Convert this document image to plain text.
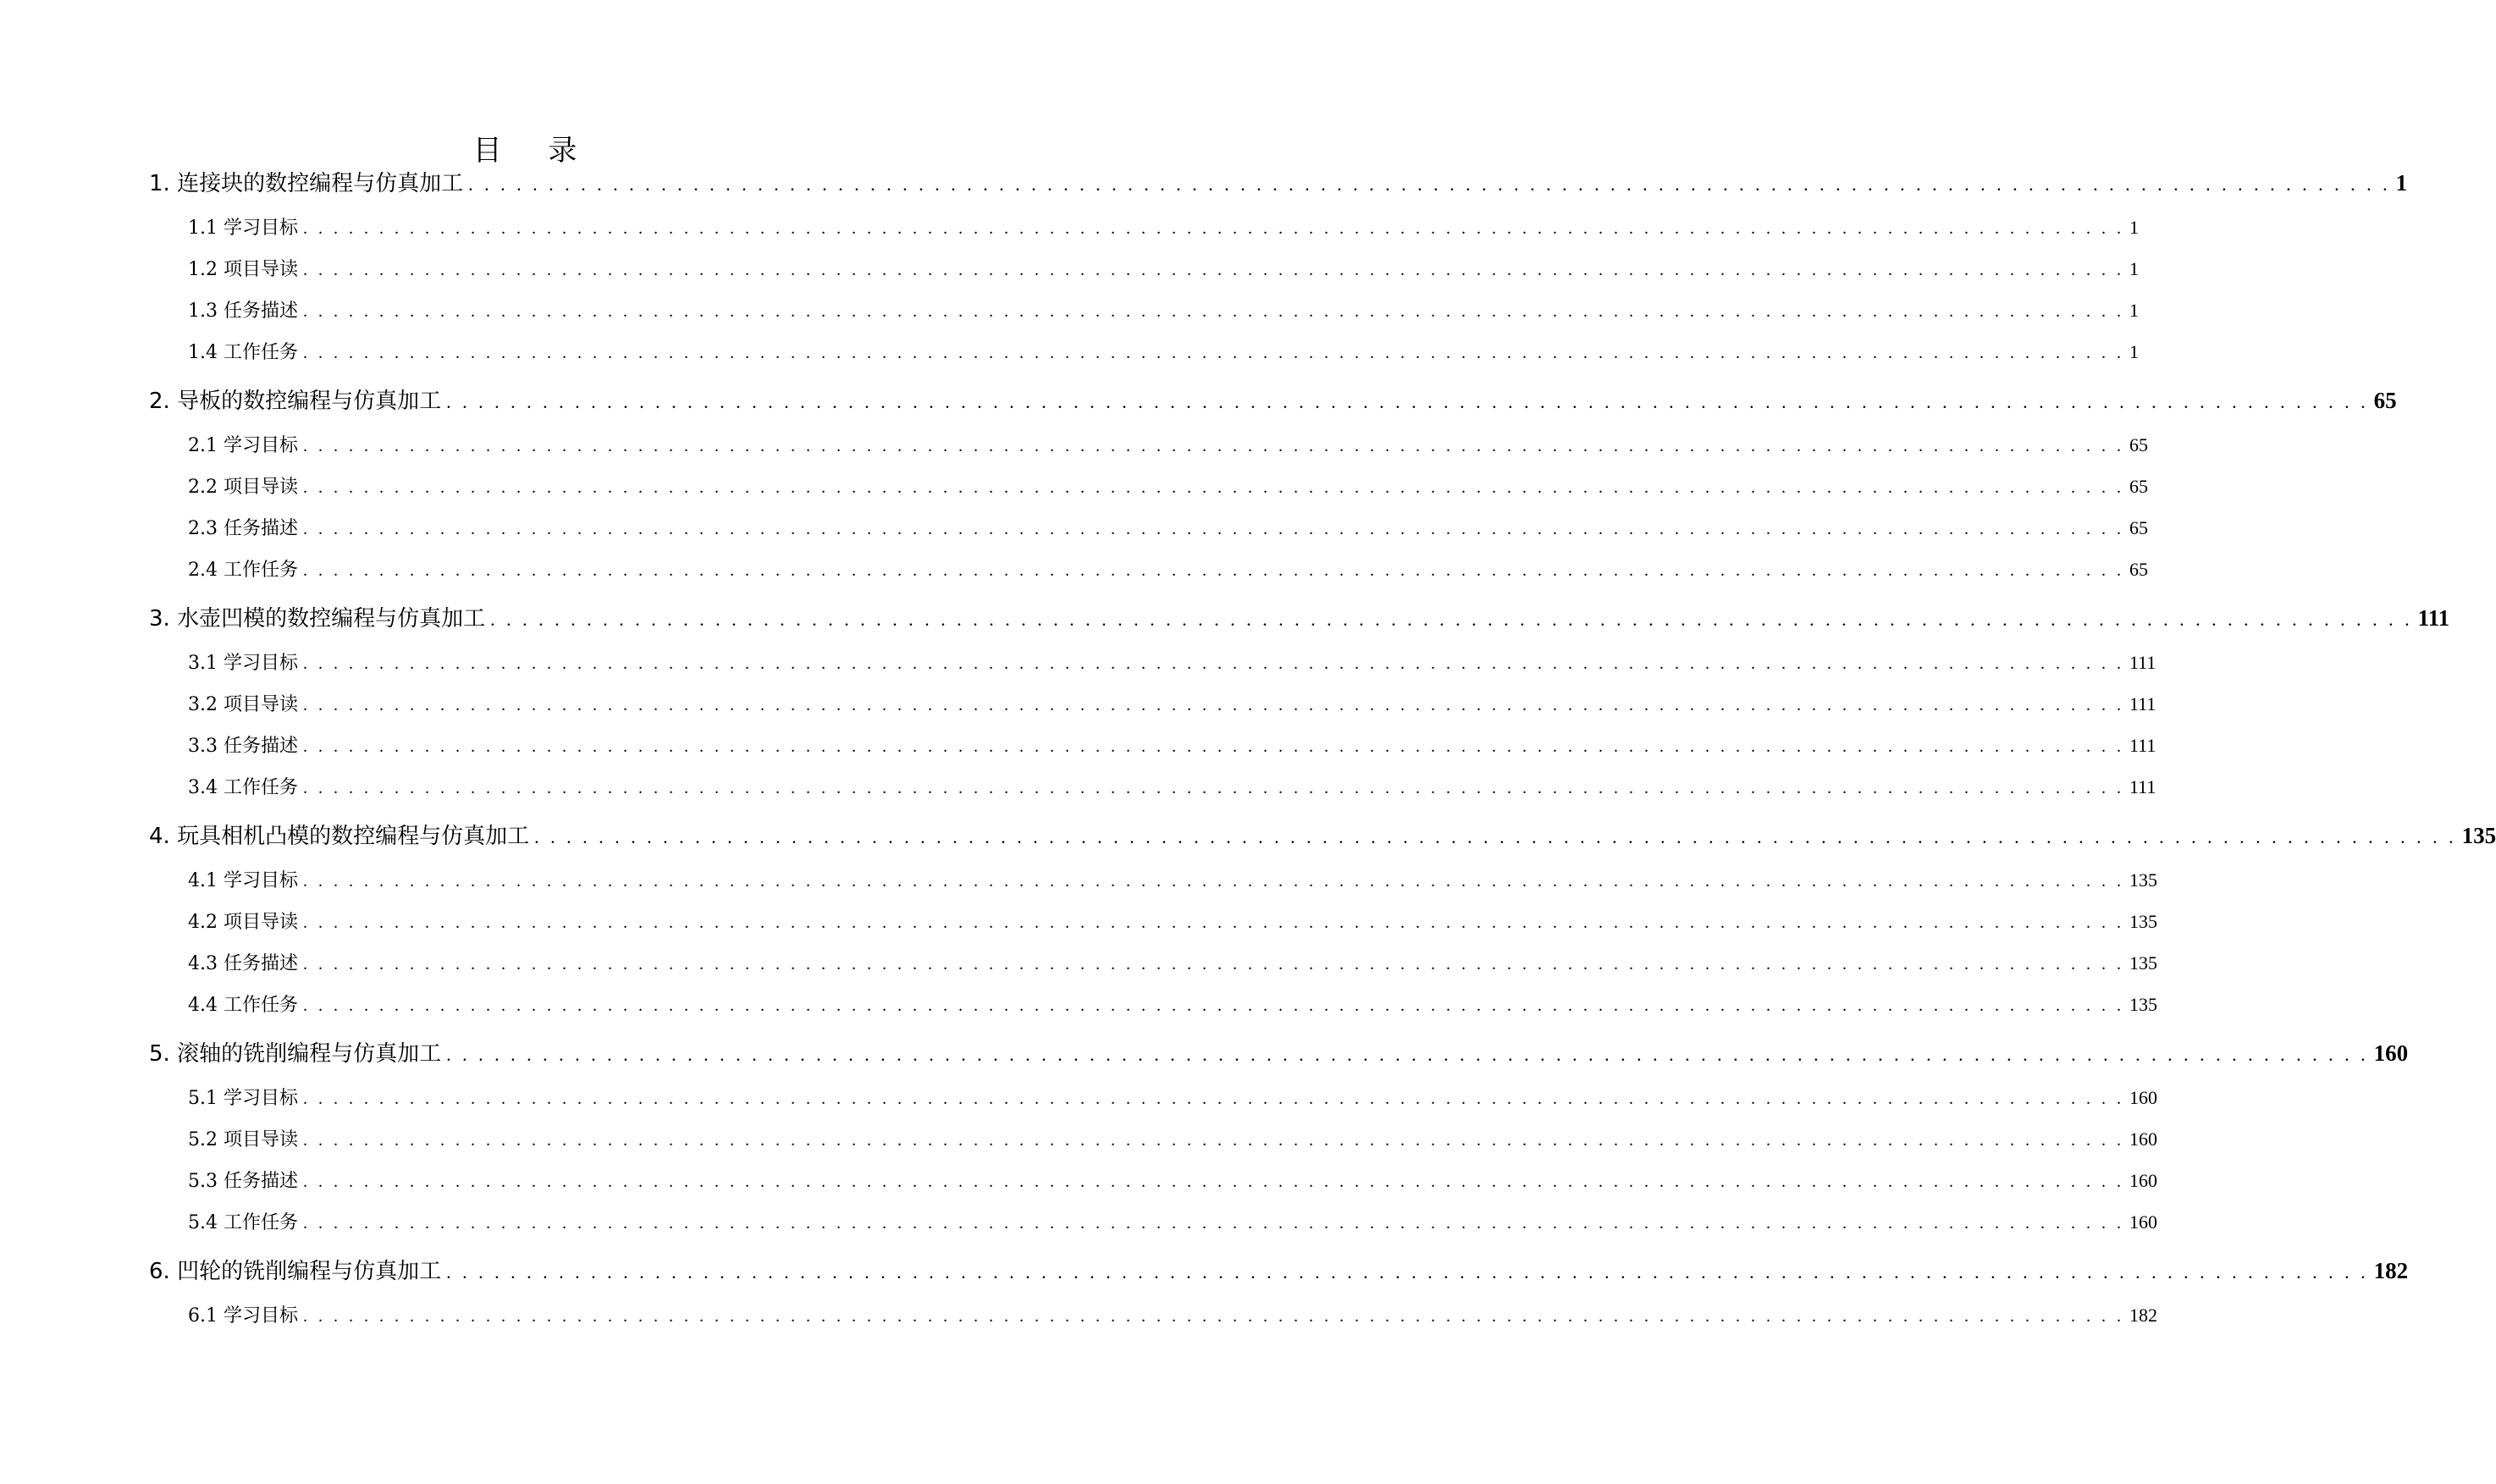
目 录
1. 连接块的数控编程与仿真加工 . . . . . . . . . . . . . . . . . . . . . . . . . . . . . . . . . . . . . . . . . . . . . . . . . . . . . . . . . . . . . . . . . . . . . . . . . . . . . . . . . . . . . . . . . . . . . . . . . . . . . . . . . . . . . . . . . . . . . . . . 1
1.1 学习目标 . . . . . . . . . . . . . . . . . . . . . . . . . . . . . . . . . . . . . . . . . . . . . . . . . . . . . . . . . . . . . . . . . . . . . . . . . . . . . . . . . . . . . . . . . . . . . . . . . . . . . . . . . . . . . . . . . . . . . . . . 1
1.2 项目导读 . . . . . . . . . . . . . . . . . . . . . . . . . . . . . . . . . . . . . . . . . . . . . . . . . . . . . . . . . . . . . . . . . . . . . . . . . . . . . . . . . . . . . . . . . . . . . . . . . . . . . . . . . . . . . . . . . . . . . . . . 1
1.3 任务描述 . . . . . . . . . . . . . . . . . . . . . . . . . . . . . . . . . . . . . . . . . . . . . . . . . . . . . . . . . . . . . . . . . . . . . . . . . . . . . . . . . . . . . . . . . . . . . . . . . . . . . . . . . . . . . . . . . . . . . . . . 1
1.4 工作任务 . . . . . . . . . . . . . . . . . . . . . . . . . . . . . . . . . . . . . . . . . . . . . . . . . . . . . . . . . . . . . . . . . . . . . . . . . . . . . . . . . . . . . . . . . . . . . . . . . . . . . . . . . . . . . . . . . . . . . . . . 1
2. 导板的数控编程与仿真加工 . . . . . . . . . . . . . . . . . . . . . . . . . . . . . . . . . . . . . . . . . . . . . . . . . . . . . . . . . . . . . . . . . . . . . . . . . . . . . . . . . . . . . . . . . . . . . . . . . . . . . . . . . . . . . . . . . . . . . . . . 65
2.1 学习目标 . . . . . . . . . . . . . . . . . . . . . . . . . . . . . . . . . . . . . . . . . . . . . . . . . . . . . . . . . . . . . . . . . . . . . . . . . . . . . . . . . . . . . . . . . . . . . . . . . . . . . . . . . . . . . . . . . . . . . . . . 65
2.2 项目导读 . . . . . . . . . . . . . . . . . . . . . . . . . . . . . . . . . . . . . . . . . . . . . . . . . . . . . . . . . . . . . . . . . . . . . . . . . . . . . . . . . . . . . . . . . . . . . . . . . . . . . . . . . . . . . . . . . . . . . . . . 65
2.3 任务描述 . . . . . . . . . . . . . . . . . . . . . . . . . . . . . . . . . . . . . . . . . . . . . . . . . . . . . . . . . . . . . . . . . . . . . . . . . . . . . . . . . . . . . . . . . . . . . . . . . . . . . . . . . . . . . . . . . . . . . . . . 65
2.4 工作任务 . . . . . . . . . . . . . . . . . . . . . . . . . . . . . . . . . . . . . . . . . . . . . . . . . . . . . . . . . . . . . . . . . . . . . . . . . . . . . . . . . . . . . . . . . . . . . . . . . . . . . . . . . . . . . . . . . . . . . . . . 65
3. 水壶凹模的数控编程与仿真加工 . . . . . . . . . . . . . . . . . . . . . . . . . . . . . . . . . . . . . . . . . . . . . . . . . . . . . . . . . . . . . . . . . . . . . . . . . . . . . . . . . . . . . . . . . . . . . . . . . . . . . . . . . . . . . . . . . . . . . . . . 111
3.1 学习目标 . . . . . . . . . . . . . . . . . . . . . . . . . . . . . . . . . . . . . . . . . . . . . . . . . . . . . . . . . . . . . . . . . . . . . . . . . . . . . . . . . . . . . . . . . . . . . . . . . . . . . . . . . . . . . . . . . . . . . . . . 111
3.2 项目导读 . . . . . . . . . . . . . . . . . . . . . . . . . . . . . . . . . . . . . . . . . . . . . . . . . . . . . . . . . . . . . . . . . . . . . . . . . . . . . . . . . . . . . . . . . . . . . . . . . . . . . . . . . . . . . . . . . . . . . . . . 111
3.3 任务描述 . . . . . . . . . . . . . . . . . . . . . . . . . . . . . . . . . . . . . . . . . . . . . . . . . . . . . . . . . . . . . . . . . . . . . . . . . . . . . . . . . . . . . . . . . . . . . . . . . . . . . . . . . . . . . . . . . . . . . . . . 111
3.4 工作任务 . . . . . . . . . . . . . . . . . . . . . . . . . . . . . . . . . . . . . . . . . . . . . . . . . . . . . . . . . . . . . . . . . . . . . . . . . . . . . . . . . . . . . . . . . . . . . . . . . . . . . . . . . . . . . . . . . . . . . . . . 111
4. 玩具相机凸模的数控编程与仿真加工 . . . . . . . . . . . . . . . . . . . . . . . . . . . . . . . . . . . . . . . . . . . . . . . . . . . . . . . . . . . . . . . . . . . . . . . . . . . . . . . . . . . . . . . . . . . . . . . . . . . . . . . . . . . . . . . . . . . . . . . . 135
4.1 学习目标 . . . . . . . . . . . . . . . . . . . . . . . . . . . . . . . . . . . . . . . . . . . . . . . . . . . . . . . . . . . . . . . . . . . . . . . . . . . . . . . . . . . . . . . . . . . . . . . . . . . . . . . . . . . . . . . . . . . . . . . . 135
4.2 项目导读 . . . . . . . . . . . . . . . . . . . . . . . . . . . . . . . . . . . . . . . . . . . . . . . . . . . . . . . . . . . . . . . . . . . . . . . . . . . . . . . . . . . . . . . . . . . . . . . . . . . . . . . . . . . . . . . . . . . . . . . . 135
4.3 任务描述 . . . . . . . . . . . . . . . . . . . . . . . . . . . . . . . . . . . . . . . . . . . . . . . . . . . . . . . . . . . . . . . . . . . . . . . . . . . . . . . . . . . . . . . . . . . . . . . . . . . . . . . . . . . . . . . . . . . . . . . . 135
4.4 工作任务 . . . . . . . . . . . . . . . . . . . . . . . . . . . . . . . . . . . . . . . . . . . . . . . . . . . . . . . . . . . . . . . . . . . . . . . . . . . . . . . . . . . . . . . . . . . . . . . . . . . . . . . . . . . . . . . . . . . . . . . . 135
5. 滚轴的铣削编程与仿真加工 . . . . . . . . . . . . . . . . . . . . . . . . . . . . . . . . . . . . . . . . . . . . . . . . . . . . . . . . . . . . . . . . . . . . . . . . . . . . . . . . . . . . . . . . . . . . . . . . . . . . . . . . . . . . . . . . . . . . . . . . 160
5.1 学习目标 . . . . . . . . . . . . . . . . . . . . . . . . . . . . . . . . . . . . . . . . . . . . . . . . . . . . . . . . . . . . . . . . . . . . . . . . . . . . . . . . . . . . . . . . . . . . . . . . . . . . . . . . . . . . . . . . . . . . . . . . 160
5.2 项目导读 . . . . . . . . . . . . . . . . . . . . . . . . . . . . . . . . . . . . . . . . . . . . . . . . . . . . . . . . . . . . . . . . . . . . . . . . . . . . . . . . . . . . . . . . . . . . . . . . . . . . . . . . . . . . . . . . . . . . . . . . 160
5.3 任务描述 . . . . . . . . . . . . . . . . . . . . . . . . . . . . . . . . . . . . . . . . . . . . . . . . . . . . . . . . . . . . . . . . . . . . . . . . . . . . . . . . . . . . . . . . . . . . . . . . . . . . . . . . . . . . . . . . . . . . . . . . 160
5.4 工作任务 . . . . . . . . . . . . . . . . . . . . . . . . . . . . . . . . . . . . . . . . . . . . . . . . . . . . . . . . . . . . . . . . . . . . . . . . . . . . . . . . . . . . . . . . . . . . . . . . . . . . . . . . . . . . . . . . . . . . . . . . 160
6. 凹轮的铣削编程与仿真加工 . . . . . . . . . . . . . . . . . . . . . . . . . . . . . . . . . . . . . . . . . . . . . . . . . . . . . . . . . . . . . . . . . . . . . . . . . . . . . . . . . . . . . . . . . . . . . . . . . . . . . . . . . . . . . . . . . . . . . . . . 182
6.1 学习目标 . . . . . . . . . . . . . . . . . . . . . . . . . . . . . . . . . . . . . . . . . . . . . . . . . . . . . . . . . . . . . . . . . . . . . . . . . . . . . . . . . . . . . . . . . . . . . . . . . . . . . . . . . . . . . . . . . . . . . . . . 182
